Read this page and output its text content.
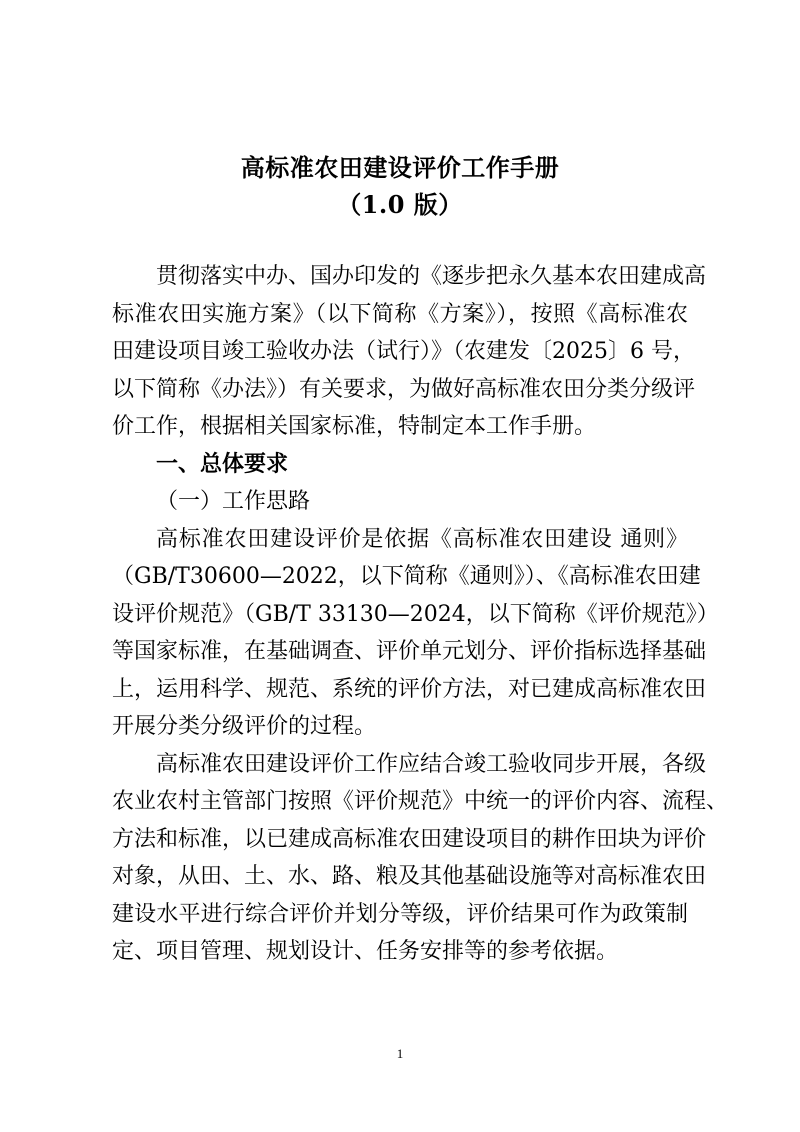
高标准农田建设评价工作手册
（1.0 版）
贯彻落实中办、国办印发的《逐步把永久基本农田建成高
标准农田实施方案》（以下简称《方案》），按照《高标准农
田建设项目竣工验收办法（试行）》（农建发〔2025〕6 号，
以下简称《办法》）有关要求，为做好高标准农田分类分级评
价工作，根据相关国家标准，特制定本工作手册。
一、总体要求
（一）工作思路
高标准农田建设评价是依据《高标准农田建设 通则》
（GB/T30600—2022，以下简称《通则》）、《高标准农田建
设评价规范》（GB/T 33130—2024，以下简称《评价规范》）
等国家标准，在基础调查、评价单元划分、评价指标选择基础
上，运用科学、规范、系统的评价方法，对已建成高标准农田
开展分类分级评价的过程。
高标准农田建设评价工作应结合竣工验收同步开展，各级
农业农村主管部门按照《评价规范》中统一的评价内容、流程、
方法和标准，以已建成高标准农田建设项目的耕作田块为评价
对象，从田、土、水、路、粮及其他基础设施等对高标准农田
建设水平进行综合评价并划分等级，评价结果可作为政策制
定、项目管理、规划设计、任务安排等的参考依据。
1
